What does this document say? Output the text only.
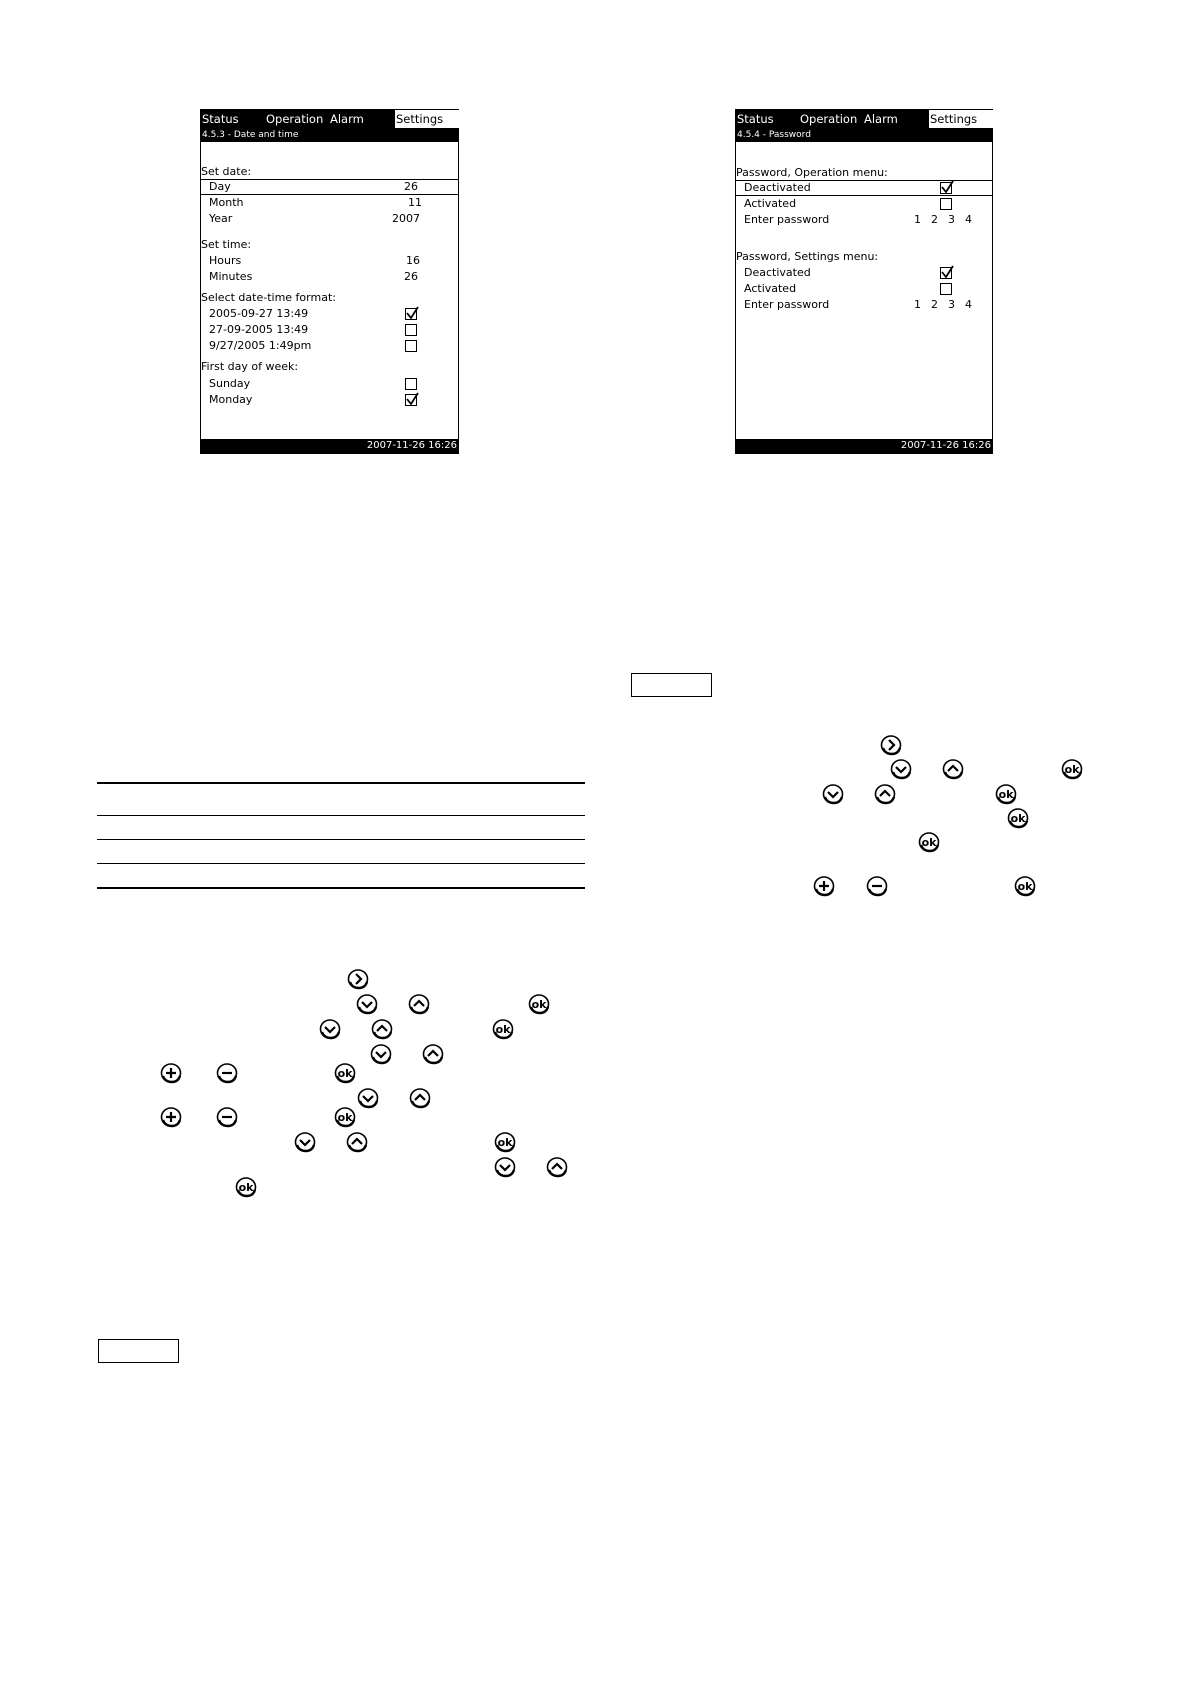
Status Operation Alarm	Settings
4.5.3 - Date and time
Set date:
Day	26
Month	11
Year	2007
Set time:
Hours	16
Minutes	26
Select date-time format:
2005-09-27 13:49
27-09-2005 13:49
9/27/2005 1:49pm
First day of week:
Sunday
Monday
2007-11-26 16:26
Status Operation Alarm	Settings
4.5.4 - Password
Password, Operation menu:
Deactivated
Activated
Enter password	1 2 3 4
Password, Settings menu:
Deactivated
Activated
Enter password	1 2 3 4
2007-11-26 16:26
ok
ok
ok
ok
ok
ok
ok
ok
ok
ok
ok
